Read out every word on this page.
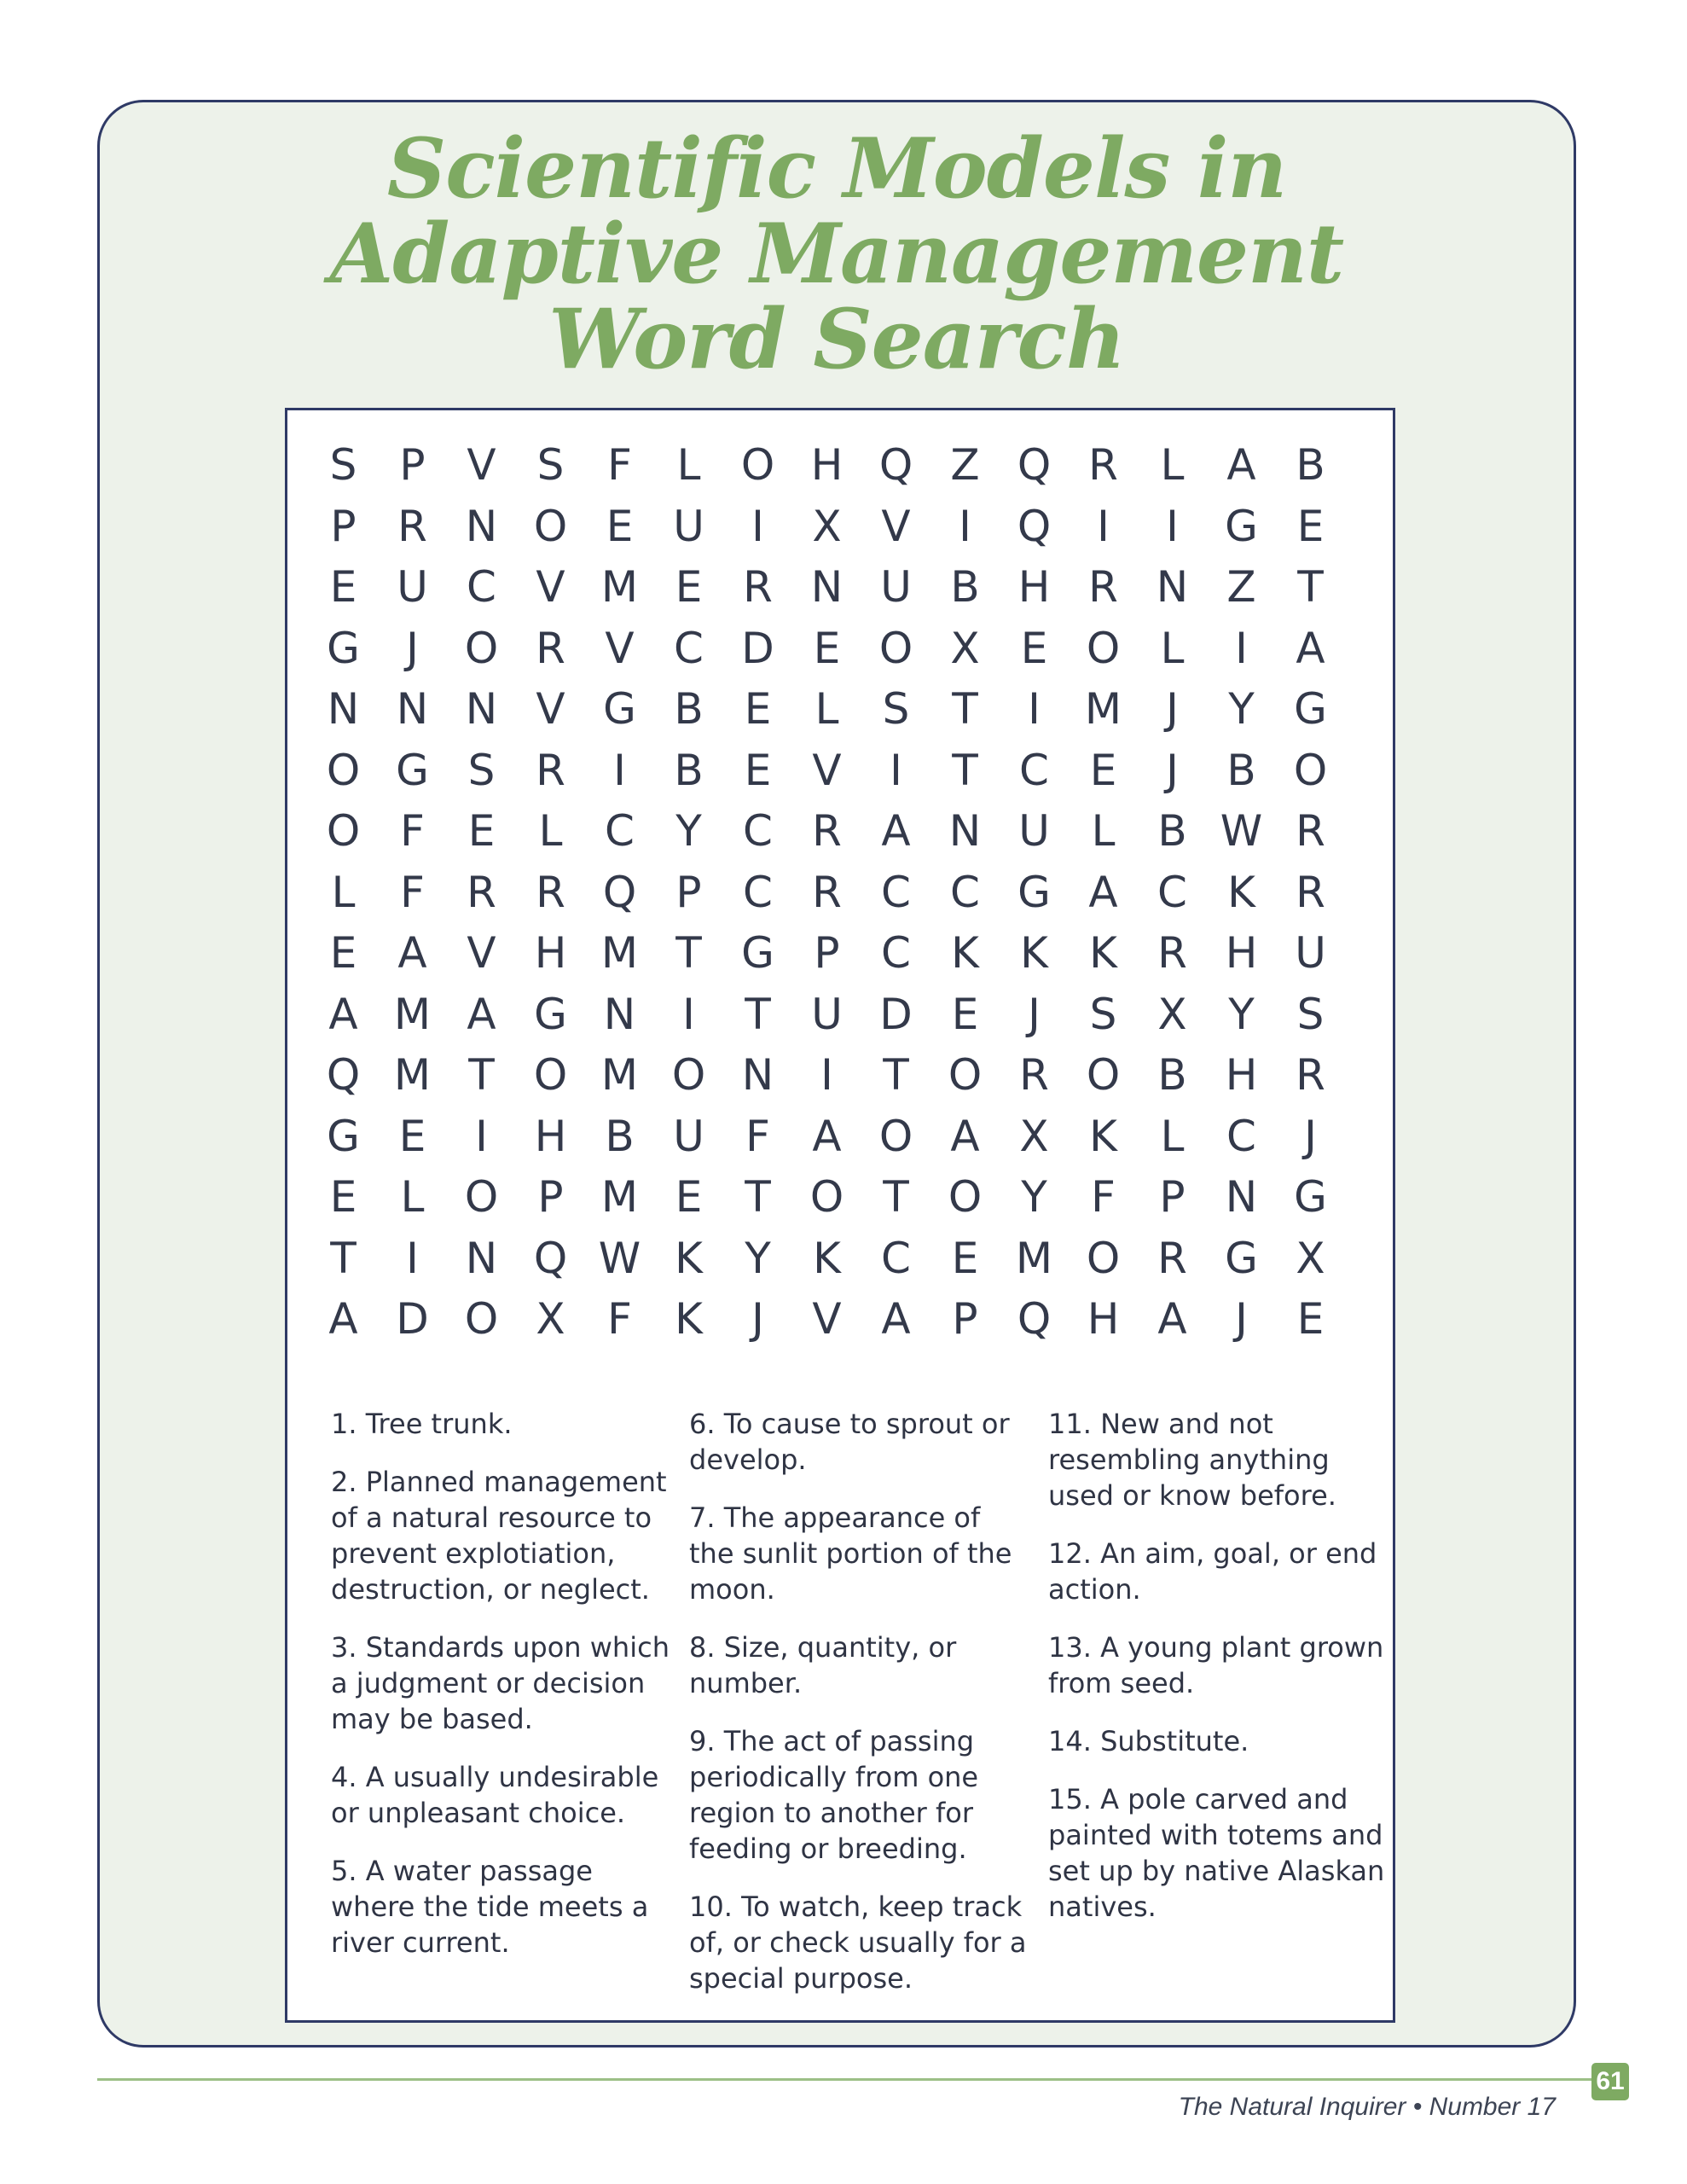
Scientific Models in
Adaptive Management
Word Search
S	P V S	F	L O H Q Z Q R L A B
P R N O E U	I	X V	I	Q	I	I	G E
E U C V M E R N U B H R N Z T
G	J	O R V C D E O X E O L	I	A
N N N V G B E	L	S T	I	M	J	Y G
O G S R	I	B E V	I	T C E	J	B O
O F	E	L C Y C R A N U L B W R
L	F R R Q P C R C C G A C K R
E A V H M T G P C K K K R H U
A M A G N	I	T U D E	J	S X Y S
Q M T O M O N	I	T O R O B H R
G E	I	H B U F A O A X K	L C	J
E	L O P M E T O T O Y	F	P N G
T	I	N Q W K Y K C E M O R G X
A D O X F	K	J	V A P Q H A	J	E

1. Tree trunk.

2. Planned management of a natural resource to prevent explotiation, destruction, or neglect.

3. Standards upon which a judgment or decision may be based.

4. A usually undesirable or unpleasant choice.

5. A water passage where the tide meets a river current.

6. To cause to sprout or develop.

7. The appearance of the sunlit portion of the moon.

8. Size, quantity, or number.

9. The act of passing periodically from one region to another for feeding or breeding.

10. To watch, keep track of, or check usually for a special purpose.

11. New and not resembling anything used or know before.

12. An aim, goal, or end action.

13. A young plant grown from seed.

14. Substitute.

15. A pole carved and painted with totems and set up by native Alaskan natives.

61
The Natural Inquirer • Number 17
